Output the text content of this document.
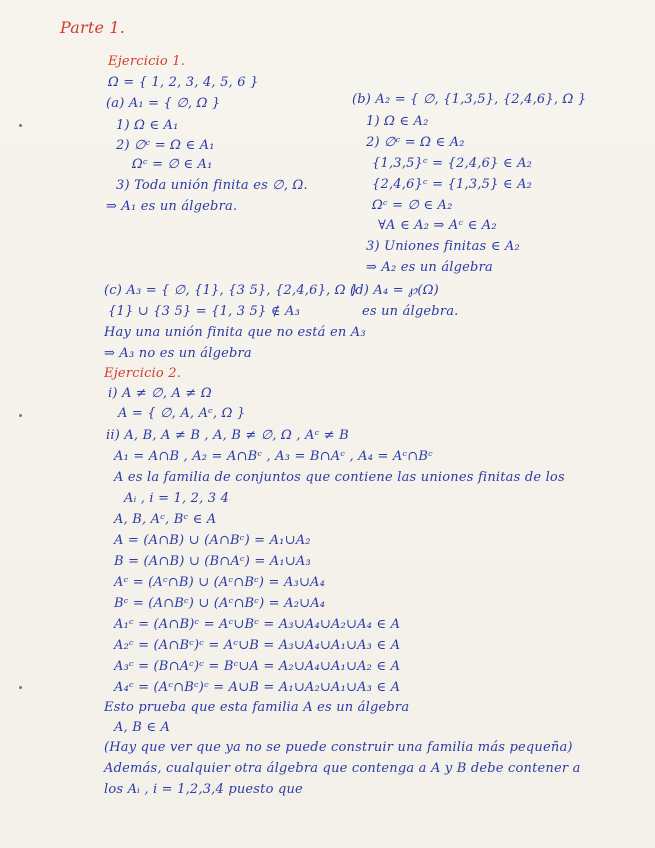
Parte 1.
Ejercicio 1.
Ω = { 1, 2, 3, 4, 5, 6 }
(a) A₁ = { ∅, Ω }
1) Ω ∈ A₁
2) ∅ᶜ = Ω ∈ A₁
Ωᶜ = ∅ ∈ A₁
3) Toda unión finita es ∅, Ω.
⇒ A₁ es un álgebra.
(b) A₂ = { ∅, {1,3,5}, {2,4,6}, Ω }
1) Ω ∈ A₂
2) ∅ᶜ = Ω ∈ A₂
{1,3,5}ᶜ = {2,4,6} ∈ A₂
{2,4,6}ᶜ = {1,3,5} ∈ A₂
Ωᶜ = ∅ ∈ A₂
∀A ∈ A₂ ⇒ Aᶜ ∈ A₂
3) Uniones finitas ∈ A₂
⇒ A₂ es un álgebra
(c) A₃ = { ∅, {1}, {3 5}, {2,4,6}, Ω }
{1} ∪ {3 5} = {1, 3 5} ∉ A₃
Hay una unión finita que no está en A₃
⇒ A₃ no es un álgebra
(d) A₄ = ℘(Ω)
es un álgebra.
Ejercicio 2.
i) A ≠ ∅, A ≠ Ω
A = { ∅, A, Aᶜ, Ω }
ii) A, B, A ≠ B , A, B ≠ ∅, Ω , Aᶜ ≠ B
A₁ = A∩B , A₂ = A∩Bᶜ , A₃ = B∩Aᶜ , A₄ = Aᶜ∩Bᶜ
A es la familia de conjuntos que contiene las uniones finitas de los
Aᵢ , i = 1, 2, 3 4
A, B, Aᶜ, Bᶜ ∈ A
A = (A∩B) ∪ (A∩Bᶜ) = A₁∪A₂
B = (A∩B) ∪ (B∩Aᶜ) = A₁∪A₃
Aᶜ = (Aᶜ∩B) ∪ (Aᶜ∩Bᶜ) = A₃∪A₄
Bᶜ = (A∩Bᶜ) ∪ (Aᶜ∩Bᶜ) = A₂∪A₄
A₁ᶜ = (A∩B)ᶜ = Aᶜ∪Bᶜ = A₃∪A₄∪A₂∪A₄ ∈ A
A₂ᶜ = (A∩Bᶜ)ᶜ = Aᶜ∪B = A₃∪A₄∪A₁∪A₃ ∈ A
A₃ᶜ = (B∩Aᶜ)ᶜ = Bᶜ∪A = A₂∪A₄∪A₁∪A₂ ∈ A
A₄ᶜ = (Aᶜ∩Bᶜ)ᶜ = A∪B = A₁∪A₂∪A₁∪A₃ ∈ A
Esto prueba que esta familia A es un álgebra
A, B ∈ A
(Hay que ver que ya no se puede construir una familia más pequeña)
Además, cualquier otra álgebra que contenga a A y B debe contener a
los Aᵢ , i = 1,2,3,4 puesto que
